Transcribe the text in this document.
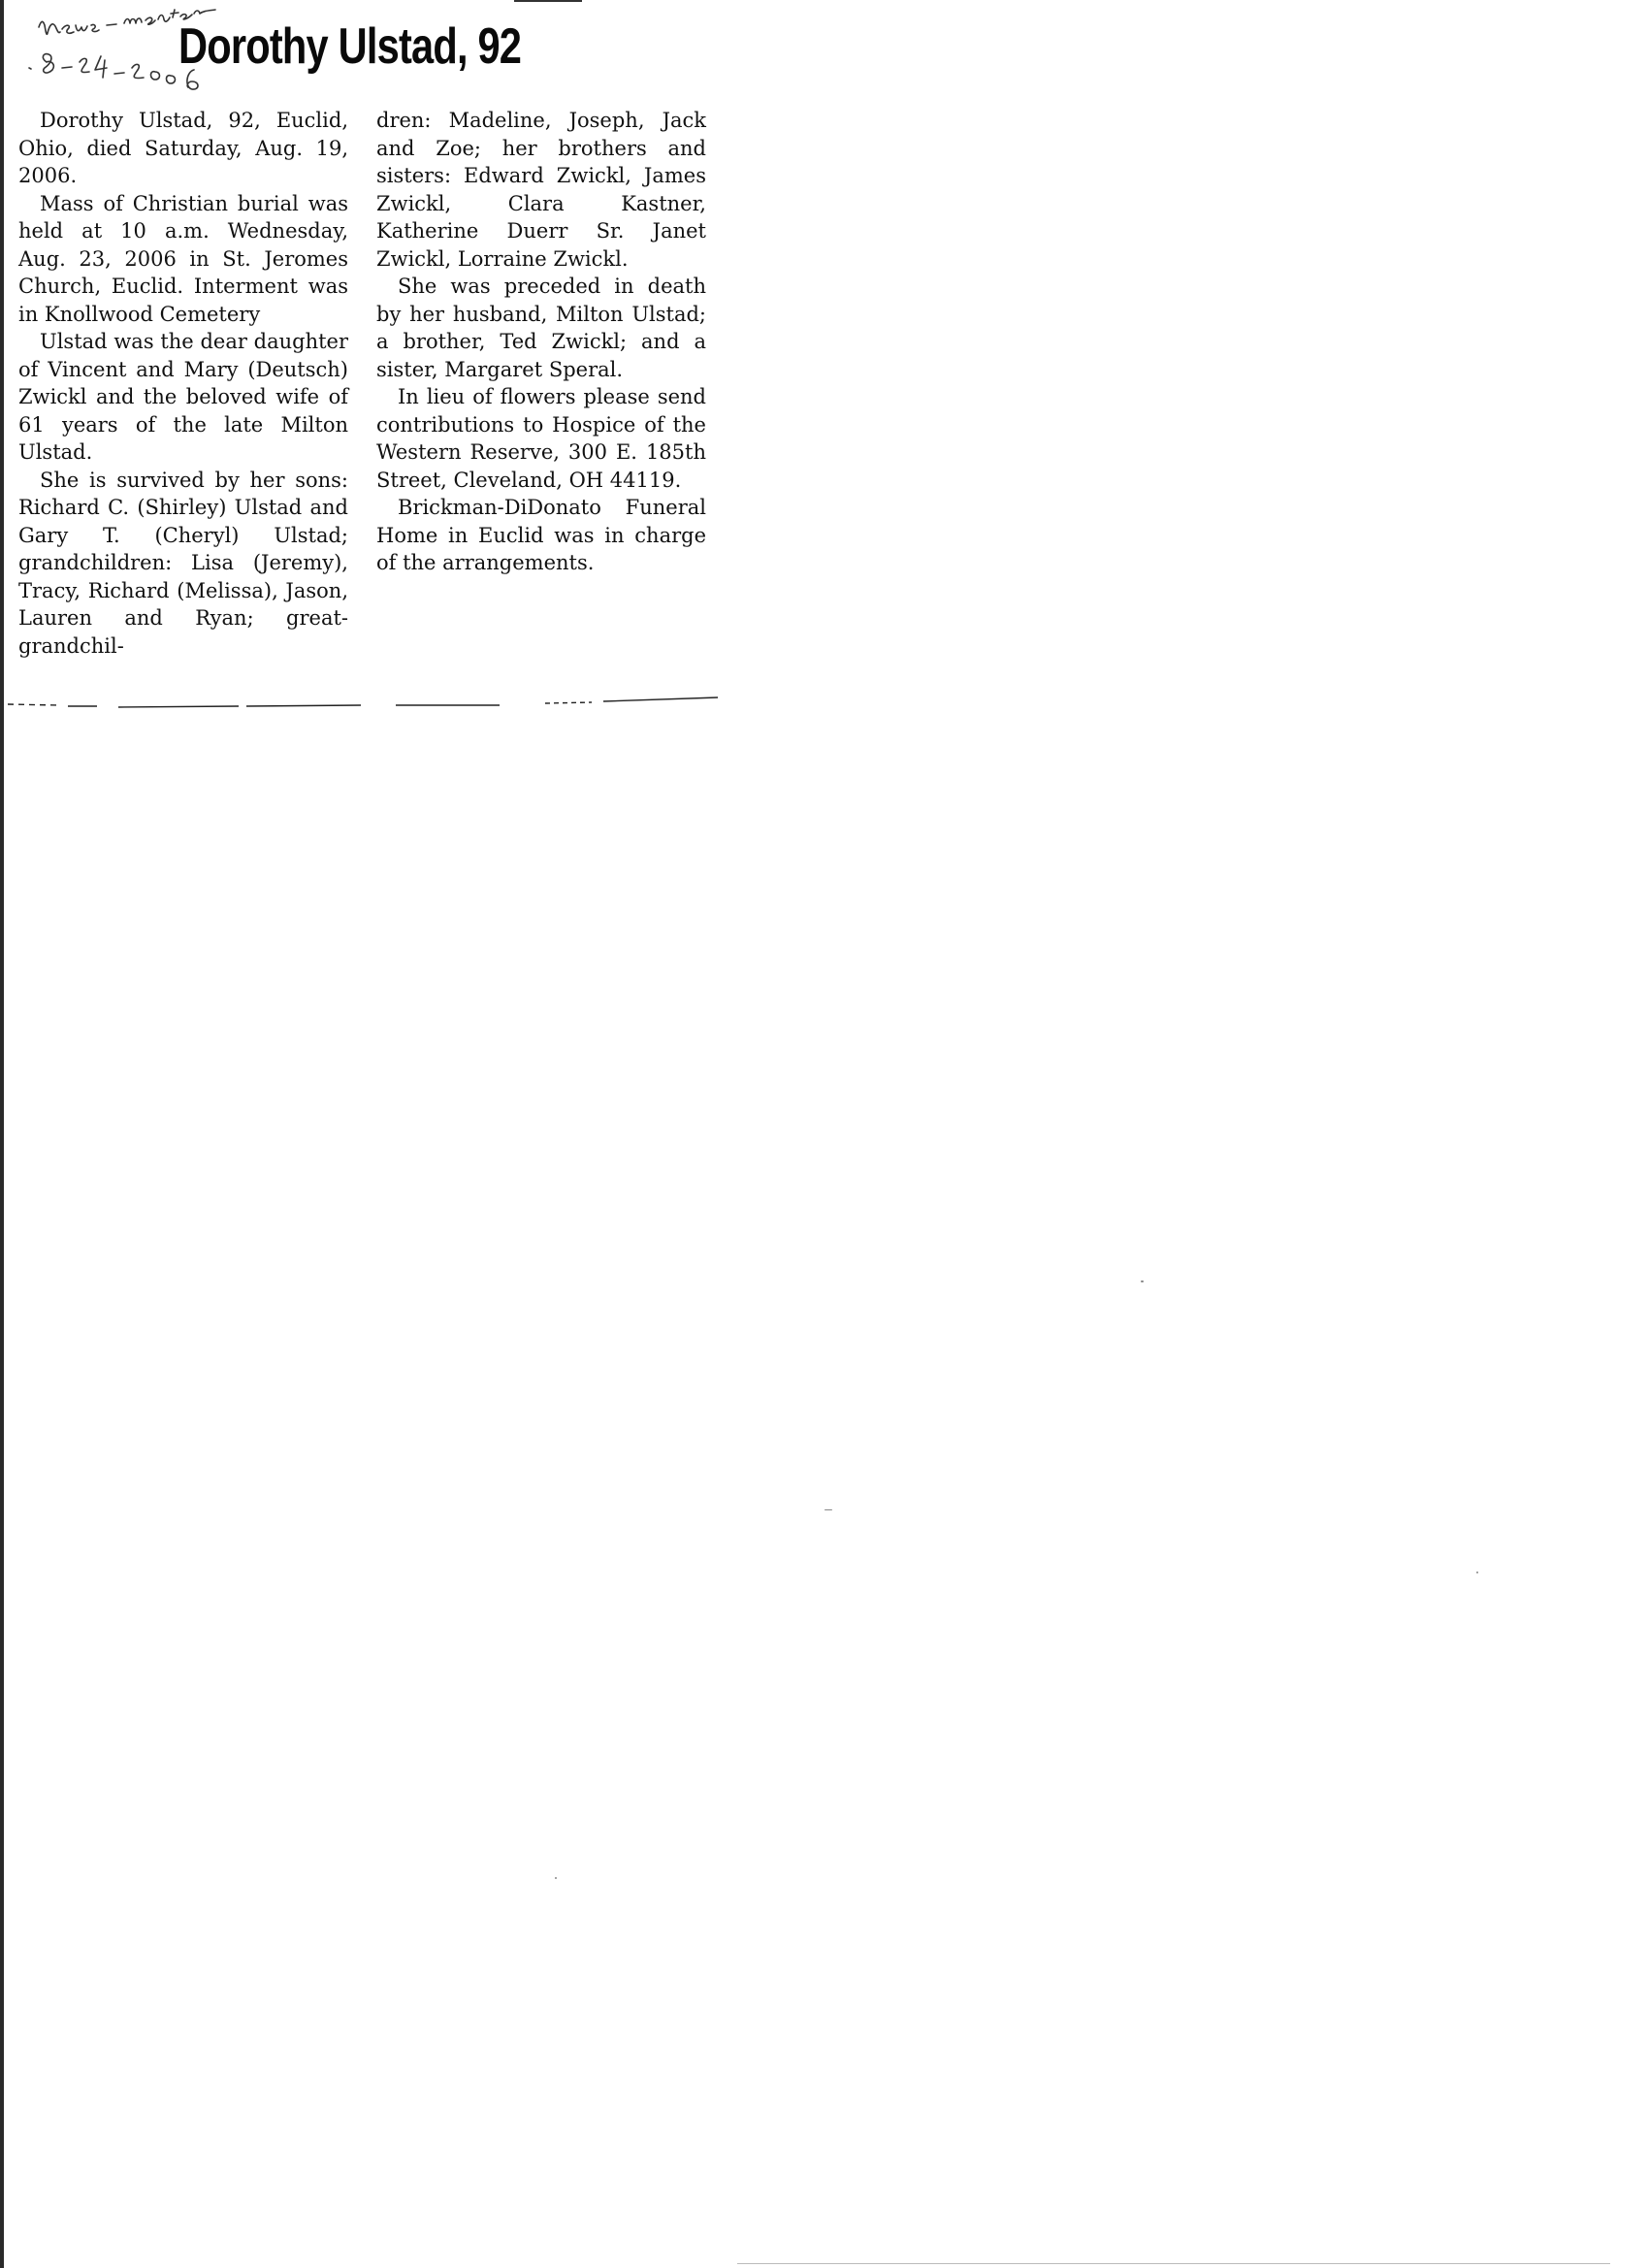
Dorothy Ulstad, 92

Dorothy Ulstad, 92, Euclid, Ohio, died Saturday, Aug. 19, 2006.

Mass of Christian burial was held at 10 a.m. Wednesday, Aug. 23, 2006 in St. Jeromes Church, Euclid. Interment was in Knollwood Cemetery

Ulstad was the dear daughter of Vincent and Mary (Deutsch) Zwickl and the beloved wife of 61 years of the late Milton Ulstad.

She is survived by her sons: Richard C. (Shirley) Ulstad and Gary T. (Cheryl) Ulstad; grandchildren: Lisa (Jeremy), Tracy, Richard (Melissa), Jason, Lauren and Ryan; great-grandchil-

dren: Madeline, Joseph, Jack and Zoe; her brothers and sisters: Edward Zwickl, James Zwickl, Clara Kastner, Katherine Duerr Sr. Janet Zwickl, Lorraine Zwickl.

She was preceded in death by her husband, Milton Ulstad; a brother, Ted Zwickl; and a sister, Margaret Speral.

In lieu of flowers please send contributions to Hospice of the Western Reserve, 300 E. 185th Street, Cleveland, OH 44119.

Brickman-DiDonato Funeral Home in Euclid was in charge of the arrangements.
